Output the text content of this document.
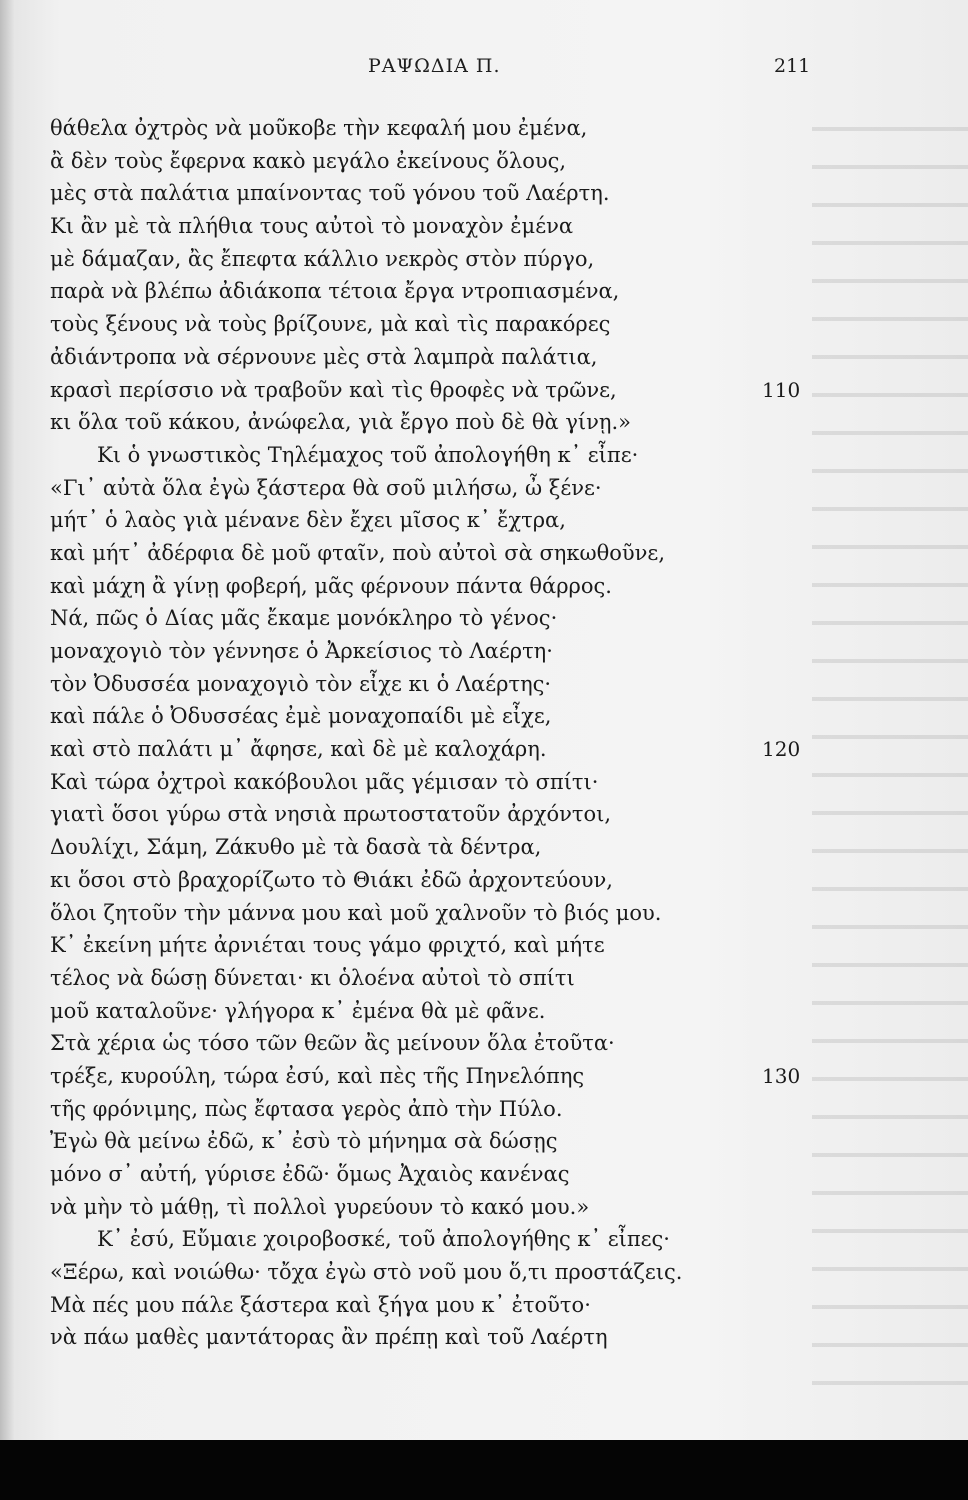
ΡΑΨΩΔΙΑ Π.	211
θάθελα ὀχτρὸς νὰ μοῦκοβε τὴν κεφαλή μου ἐμένα,
ἂ δὲν τοὺς ἔφερνα κακὸ μεγάλο ἐκείνους ὅλους,
μὲς στὰ παλάτια μπαίνοντας τοῦ γόνου τοῦ Λαέρτη.
Κι ἂν μὲ τὰ πλήθια τους αὐτοὶ τὸ μοναχὸν ἐμένα
μὲ δάμαζαν, ἂς ἔπεφτα κάλλιο νεκρὸς στὸν πύργο,
παρὰ νὰ βλέπω ἀδιάκοπα τέτοια ἔργα ντροπιασμένα,
τοὺς ξένους νὰ τοὺς βρίζουνε, μὰ καὶ τὶς παρακόρες
ἀδιάντροπα νὰ σέρνουνε μὲς στὰ λαμπρὰ παλάτια,
κρασὶ περίσσιο νὰ τραβοῦν καὶ τὶς θροφὲς νὰ τρῶνε,	110
κι ὅλα τοῦ κάκου, ἀνώφελα, γιὰ ἔργο ποὺ δὲ θὰ γίνῃ.»
Κι ὁ γνωστικὸς Τηλέμαχος τοῦ ἀπολογήθη κ᾿ εἶπε·
«Γι᾿ αὐτὰ ὅλα ἐγὼ ξάστερα θὰ σοῦ μιλήσω, ὦ ξένε·
μήτ᾿ ὁ λαὸς γιὰ μένανε δὲν ἔχει μῖσος κ᾿ ἔχτρα,
καὶ μήτ᾿ ἀδέρφια δὲ μοῦ φταῖν, ποὺ αὐτοὶ σὰ σηκωθοῦνε,
καὶ μάχη ἂ γίνῃ φοβερή, μᾶς φέρνουν πάντα θάρρος.
Νά, πῶς ὁ Δίας μᾶς ἔκαμε μονόκληρο τὸ γένος·
μοναχογιὸ τὸν γέννησε ὁ Ἀρκείσιος τὸ Λαέρτη·
τὸν Ὀδυσσέα μοναχογιὸ τὸν εἶχε κι ὁ Λαέρτης·
καὶ πάλε ὁ Ὀδυσσέας ἐμὲ μοναχοπαίδι μὲ εἶχε,
καὶ στὸ παλάτι μ᾿ ἄφησε, καὶ δὲ μὲ καλοχάρη.	120
Καὶ τώρα ὀχτροὶ κακόβουλοι μᾶς γέμισαν τὸ σπίτι·
γιατὶ ὅσοι γύρω στὰ νησιὰ πρωτοστατοῦν ἀρχόντοι,
Δουλίχι, Σάμη, Ζάκυθο μὲ τὰ δασὰ τὰ δέντρα,
κι ὅσοι στὸ βραχορίζωτο τὸ Θιάκι ἐδῶ ἀρχοντεύουν,
ὅλοι ζητοῦν τὴν μάννα μου καὶ μοῦ χαλνοῦν τὸ βιός μου.
Κ᾿ ἐκείνη μήτε ἀρνιέται τους γάμο φριχτό, καὶ μήτε
τέλος νὰ δώσῃ δύνεται· κι ὁλοένα αὐτοὶ τὸ σπίτι
μοῦ καταλοῦνε· γλήγορα κ᾿ ἐμένα θὰ μὲ φᾶνε.
Στὰ χέρια ὡς τόσο τῶν θεῶν ἂς μείνουν ὅλα ἐτοῦτα·
τρέξε, κυρούλη, τώρα ἐσύ, καὶ πὲς τῆς Πηνελόπης	130
τῆς φρόνιμης, πὼς ἔφτασα γερὸς ἀπὸ τὴν Πύλο.
Ἐγὼ θὰ μείνω ἐδῶ, κ᾿ ἐσὺ τὸ μήνημα σὰ δώσῃς
μόνο σ᾿ αὐτή, γύρισε ἐδῶ· ὅμως Ἀχαιὸς κανένας
νὰ μὴν τὸ μάθῃ, τὶ πολλοὶ γυρεύουν τὸ κακό μου.»
Κ᾿ ἐσύ, Εὔμαιε χοιροβοσκέ, τοῦ ἀπολογήθης κ᾿ εἶπες·
«Ξέρω, καὶ νοιώθω· τὄχα ἐγὼ στὸ νοῦ μου ὅ,τι προστάζεις.
Μὰ πές μου πάλε ξάστερα καὶ ξήγα μου κ᾿ ἐτοῦτο·
νὰ πάω μαθὲς μαντάτορας ἂν πρέπῃ καὶ τοῦ Λαέρτη
